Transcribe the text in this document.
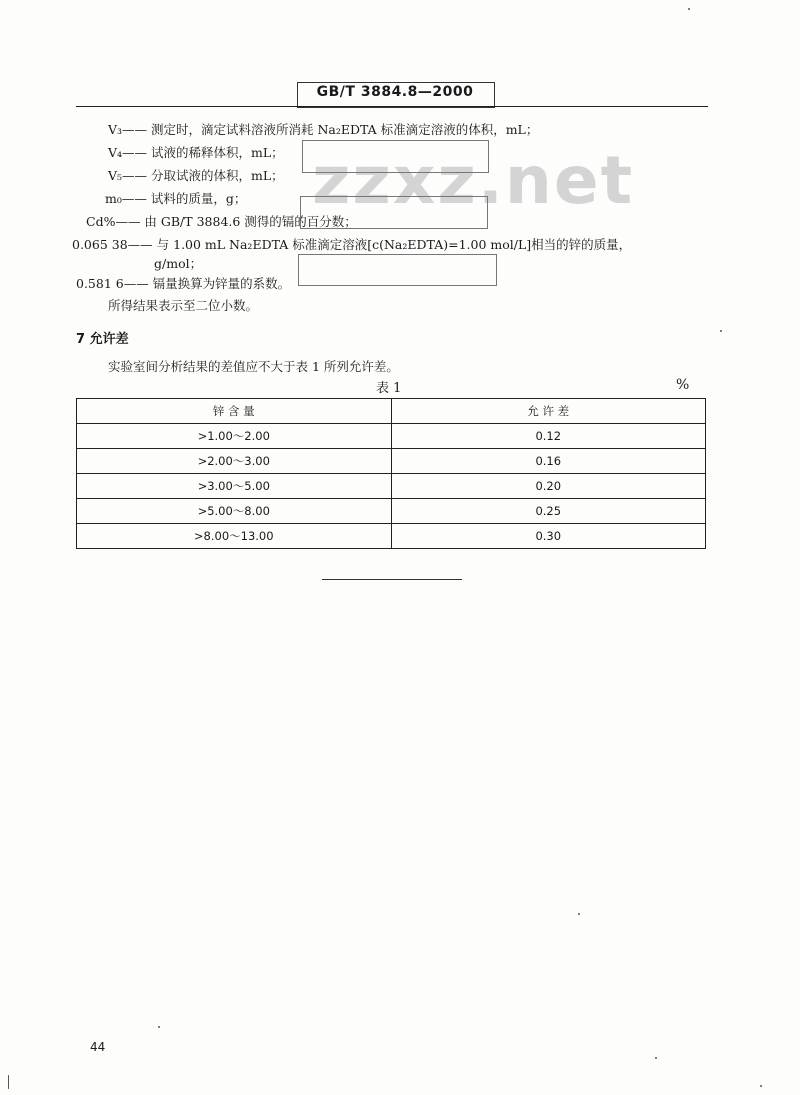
GB/T 3884.8—2000
zzxz.net
V₃—— 测定时，滴定试料溶液所消耗 Na₂EDTA 标准滴定溶液的体积，mL；
V₄—— 试液的稀释体积，mL；
V₅—— 分取试液的体积，mL；
m₀—— 试料的质量，g；
Cd%—— 由 GB/T 3884.6 测得的镉的百分数；
0.065 38—— 与 1.00 mL Na₂EDTA 标准滴定溶液[c(Na₂EDTA)=1.00 mol/L]相当的锌的质量，
g/mol；
0.581 6—— 镉量换算为锌量的系数。
所得结果表示至二位小数。
7 允许差
实验室间分析结果的差值应不大于表 1 所列允许差。
表 1	%
锌 含 量	允 许 差
>1.00～2.00	0.12
>2.00～3.00	0.16
>3.00～5.00	0.20
>5.00～8.00	0.25
>8.00～13.00	0.30
44
